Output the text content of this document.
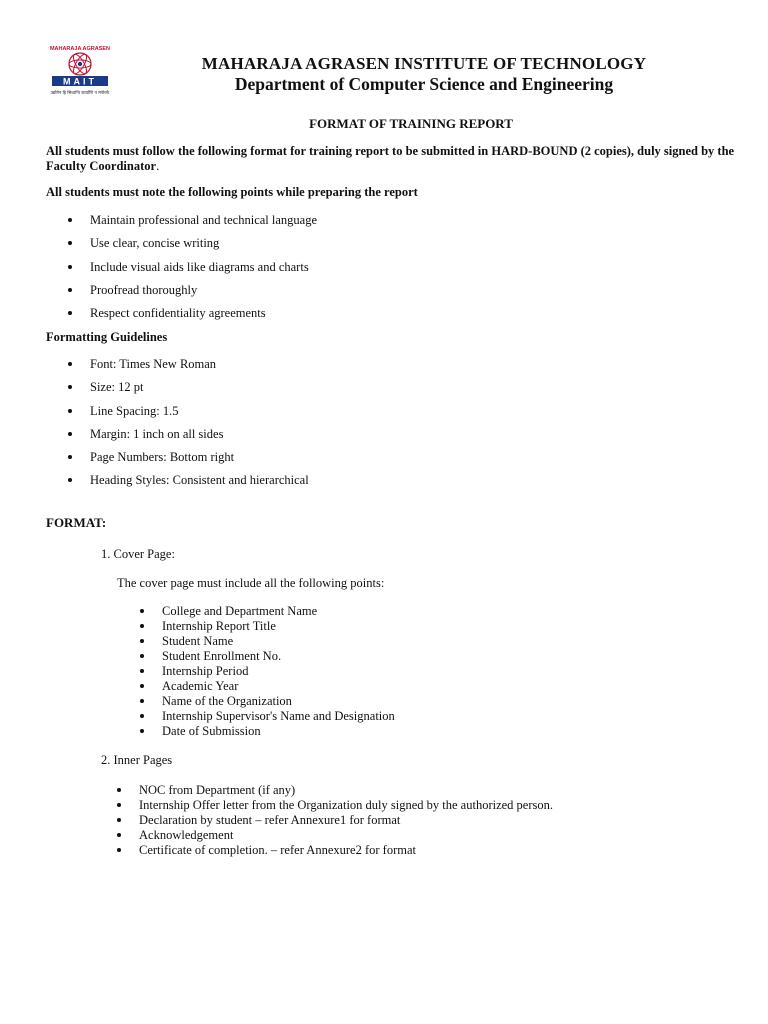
MAHARAJA AGRASEN
MAIT
उद्योगेन हि सिध्यन्ति कार्याणि न मनोरथैः
MAHARAJA AGRASEN INSTITUTE OF TECHNOLOGY
Department of Computer Science and Engineering
FORMAT OF TRAINING REPORT
All students must follow the following format for training report to be submitted in HARD-BOUND (2 copies), duly signed by the Faculty Coordinator.
All students must note the following points while preparing the report
Maintain professional and technical language
Use clear, concise writing
Include visual aids like diagrams and charts
Proofread thoroughly
Respect confidentiality agreements
Formatting Guidelines
Font: Times New Roman
Size: 12 pt
Line Spacing: 1.5
Margin: 1 inch on all sides
Page Numbers: Bottom right
Heading Styles: Consistent and hierarchical
FORMAT:
1. Cover Page:
The cover page must include all the following points:
College and Department Name
Internship Report Title
Student Name
Student Enrollment No.
Internship Period
Academic Year
Name of the Organization
Internship Supervisor's Name and Designation
Date of Submission
2. Inner Pages
NOC from Department (if any)
Internship Offer letter from the Organization duly signed by the authorized person.
Declaration by student – refer Annexure1 for format
Acknowledgement
Certificate of completion. – refer Annexure2 for format
